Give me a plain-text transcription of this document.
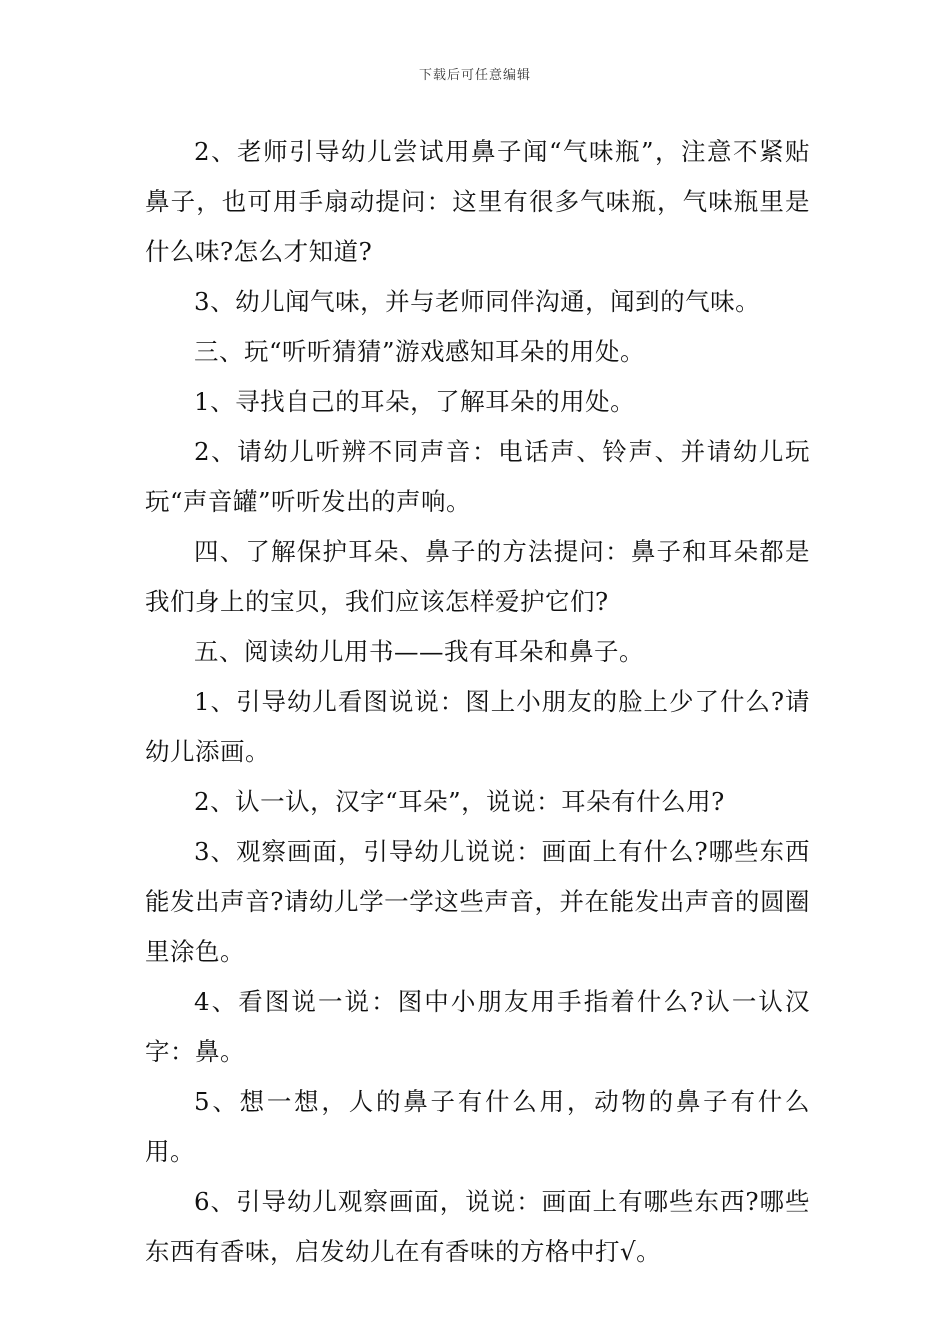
下载后可任意编辑

2、老师引导幼儿尝试用鼻子闻“气味瓶”，注意不紧贴鼻子，也可用手扇动提问：这里有很多气味瓶，气味瓶里是什么味?怎么才知道?

3、幼儿闻气味，并与老师同伴沟通，闻到的气味。

三、玩“听听猜猜”游戏感知耳朵的用处。

1、寻找自己的耳朵，了解耳朵的用处。

2、请幼儿听辨不同声音：电话声、铃声、并请幼儿玩玩“声音罐”听听发出的声响。

四、了解保护耳朵、鼻子的方法提问：鼻子和耳朵都是我们身上的宝贝，我们应该怎样爱护它们?

五、阅读幼儿用书——我有耳朵和鼻子。

1、引导幼儿看图说说：图上小朋友的脸上少了什么?请幼儿添画。

2、认一认，汉字“耳朵”，说说：耳朵有什么用?

3、观察画面，引导幼儿说说：画面上有什么?哪些东西能发出声音?请幼儿学一学这些声音，并在能发出声音的圆圈里涂色。

4、看图说一说：图中小朋友用手指着什么?认一认汉字：鼻。

5、想一想，人的鼻子有什么用，动物的鼻子有什么用。

6、引导幼儿观察画面，说说：画面上有哪些东西?哪些东西有香味，启发幼儿在有香味的方格中打√。
